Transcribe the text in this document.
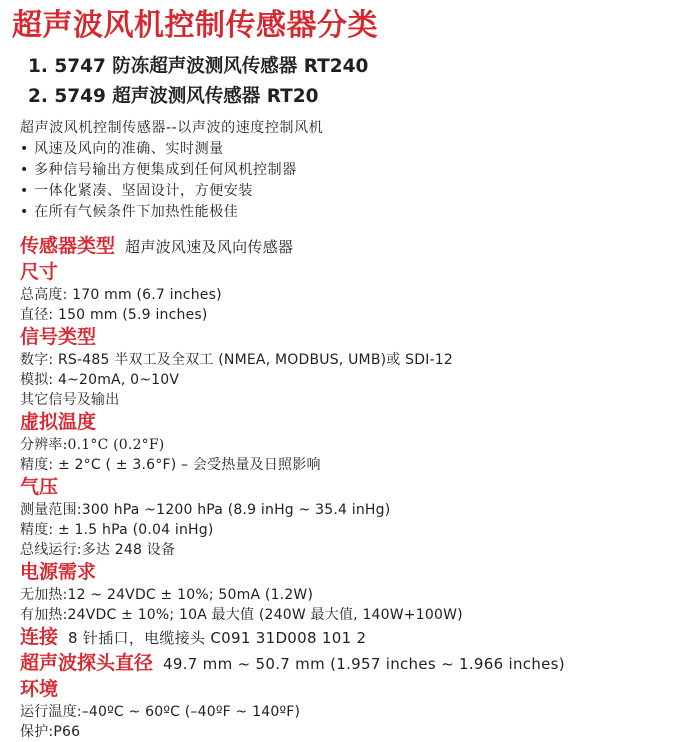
超声波风机控制传感器分类
1. 5747 防冻超声波测风传感器 RT240
2. 5749 超声波测风传感器 RT20
超声波风机控制传感器--以声波的速度控制风机
• 风速及风向的准确、实时测量
• 多种信号输出方便集成到任何风机控制器
• 一体化紧凑、坚固设计，方便安装
• 在所有气候条件下加热性能极佳
传感器类型 超声波风速及风向传感器
尺寸
总高度: 170 mm (6.7 inches)
直径: 150 mm (5.9 inches)
信号类型
数字: RS-485 半双工及全双工 (NMEA, MODBUS, UMB)或 SDI-12
模拟: 4~20mA, 0~10V
其它信号及输出
虚拟温度
分辨率:0.1°C (0.2°F)
精度: ± 2°C ( ± 3.6°F) – 会受热量及日照影响
气压
测量范围:300 hPa ~1200 hPa (8.9 inHg ~ 35.4 inHg)
精度: ± 1.5 hPa (0.04 inHg)
总线运行:多达 248 设备
电源需求
无加热:12 ~ 24VDC ± 10%; 50mA (1.2W)
有加热:24VDC ± 10%; 10A 最大值 (240W 最大值, 140W+100W)
连接 8 针插口，电缆接头 C091 31D008 101 2
超声波探头直径 49.7 mm ~ 50.7 mm (1.957 inches ~ 1.966 inches)
环境
运行温度:–40ºC ~ 60ºC (–40ºF ~ 140ºF)
保护:P66
